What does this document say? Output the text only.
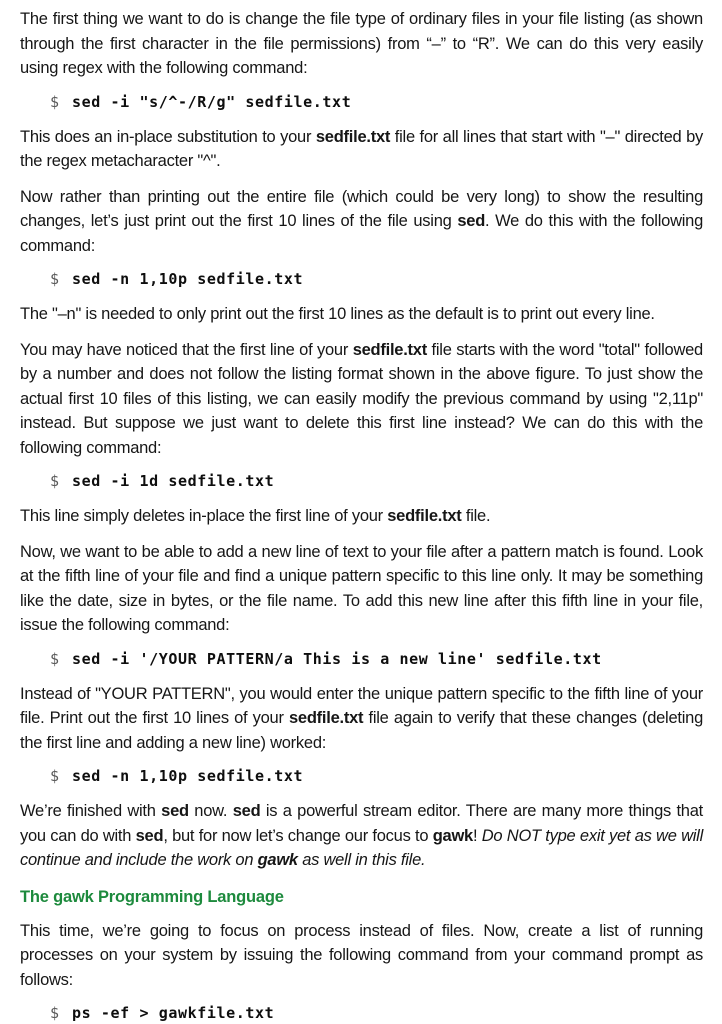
The first thing we want to do is change the file type of ordinary files in your file listing (as shown through the first character in the file permissions) from “–” to “R”. We can do this very easily using regex with the following command:

$ sed -i "s/^-/R/g" sedfile.txt

This does an in-place substitution to your sedfile.txt file for all lines that start with "–" directed by the regex metacharacter "^".

Now rather than printing out the entire file (which could be very long) to show the resulting changes, let’s just print out the first 10 lines of the file using sed. We do this with the following command:

$ sed -n 1,10p sedfile.txt

The "–n" is needed to only print out the first 10 lines as the default is to print out every line.

You may have noticed that the first line of your sedfile.txt file starts with the word "total" followed by a number and does not follow the listing format shown in the above figure. To just show the actual first 10 files of this listing, we can easily modify the previous command by using "2,11p" instead. But suppose we just want to delete this first line instead? We can do this with the following command:

$ sed -i 1d sedfile.txt

This line simply deletes in-place the first line of your sedfile.txt file.

Now, we want to be able to add a new line of text to your file after a pattern match is found. Look at the fifth line of your file and find a unique pattern specific to this line only. It may be something like the date, size in bytes, or the file name. To add this new line after this fifth line in your file, issue the following command:

$ sed -i '/YOUR PATTERN/a This is a new line' sedfile.txt

Instead of "YOUR PATTERN", you would enter the unique pattern specific to the fifth line of your file. Print out the first 10 lines of your sedfile.txt file again to verify that these changes (deleting the first line and adding a new line) worked:

$ sed -n 1,10p sedfile.txt

We’re finished with sed now. sed is a powerful stream editor. There are many more things that you can do with sed, but for now let’s change our focus to gawk! Do NOT type exit yet as we will continue and include the work on gawk as well in this file.

The gawk Programming Language

This time, we’re going to focus on process instead of files. Now, create a list of running processes on your system by issuing the following command from your command prompt as follows:

$ ps -ef > gawkfile.txt
